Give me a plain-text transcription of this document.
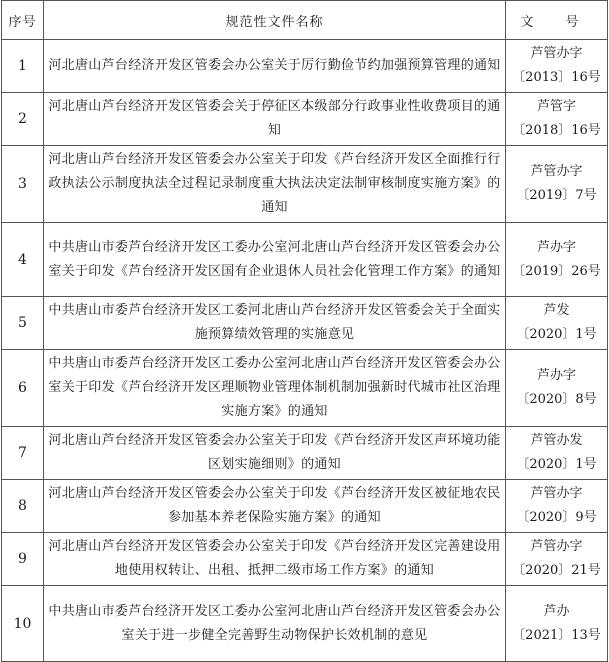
序号	规范性文件名称	文 号
1	河北唐山芦台经济开发区管委会办公室关于厉行勤俭节约加强预算管理的通知	芦管办字
〔2013〕16号

2	河北唐山芦台经济开发区管委会关于停征区本级部分行政事业性收费项目的通知	芦管字
〔2018〕16号

3	河北唐山芦台经济开发区管委会办公室关于印发《芦台经济开发区全面推行行政执法公示制度执法全过程记录制度重大执法决定法制审核制度实施方案》的通知	芦管办字
〔2019〕7号

4	中共唐山市委芦台经济开发区工委办公室河北唐山芦台经济开发区管委会办公室关于印发《芦台经济开发区国有企业退休人员社会化管理工作方案》的通知	芦办字
〔2019〕26号

5	中共唐山市委芦台经济开发区工委河北唐山芦台经济开发区管委会关于全面实施预算绩效管理的实施意见	芦发
〔2020〕1号

6	中共唐山市委芦台经济开发区工委办公室河北唐山芦台经济开发区管委会办公室关于印发《芦台经济开发区理顺物业管理体制机制加强新时代城市社区治理实施方案》的通知	芦办字
〔2020〕8号

7	河北唐山芦台经济开发区管委会办公室关于印发《芦台经济开发区声环境功能区划实施细则》的通知	芦管办发
〔2020〕1号

8	河北唐山芦台经济开发区管委会办公室关于印发《芦台经济开发区被征地农民参加基本养老保险实施方案》的通知	芦管办字
〔2020〕9号

9	河北唐山芦台经济开发区管委会办公室关于印发《芦台经济开发区完善建设用地使用权转让、出租、抵押二级市场工作方案》的通知	芦管办字
〔2020〕21号

10	中共唐山市委芦台经济开发区工委办公室河北唐山芦台经济开发区管委会办公室关于进一步健全完善野生动物保护长效机制的意见	芦办
〔2021〕13号
